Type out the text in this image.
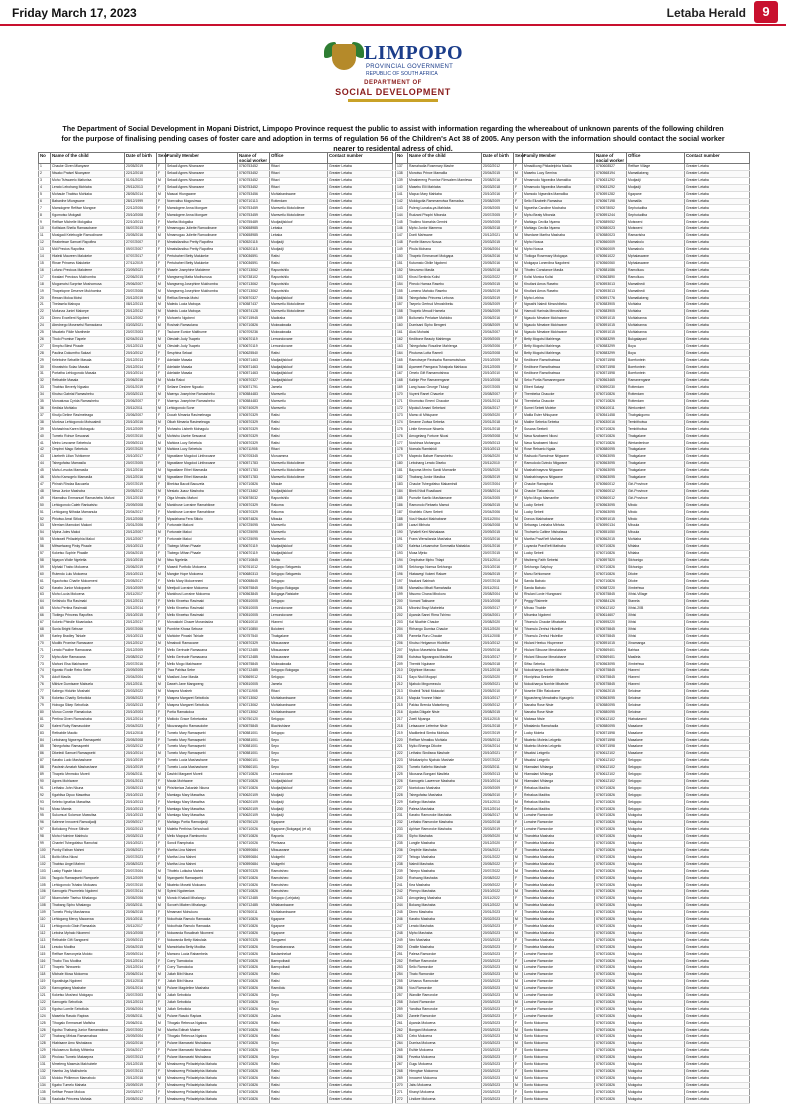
Friday March 17, 2023	Letaba Herald	9
LIMPOPO
PROVINCIAL GOVERNMENT
REPUBLIC OF SOUTH AFRICA
DEPARTMENT OF
SOCIAL DEVELOPMENT
The Department of Social Development in Mopani District, Limpopo Province request the public to assist with information regarding the whereabout of unknown parents of the following children for the purpose of finalising pending cases of foster care and adoption in terms of regulation 56 of the Children's Act 38 of 2005. Any person with the information should contact the social worker nearer to residental adress of chid.
No	Name of the child	Date of birth	Sexe	Family Member	Name of social worker	Office	Contact number
1	Chauke Given Mlanyane	20/05/2019	F	Sekadi Agnes Nhanzane	0760753452	Ritavi	Greater Letaba
2	Ntsako Praisel Nkanyane	22/12/2018	F	Sekadi Agnes Nhanzane	0760753452	Ritavi	Greater Letaba
3	Moho Tshwarelo Mafunisa	01/01/2020	M	Sekadi Agnes Nhanzane	0760753452	Ritavi	Greater Letaba
4	Lerato Lebohang Mohlaba	29/11/2013	F	Sekadi Agnes Nhanzane	0760753452	Ritavi	Greater Letaba
5	Mohaule Thabiso Mohlaka	28/05/2014	M	Masoai Hlungwane	0760753456	Mohlabankwane	Greater Letaba
6	Babanihe Mlungwane	28/12/1999	F	Nomvaliso Mogosinwa	0760710113	Rotterdam	Greater Letaba
7	Mamokgere Refilwe Mongwe	22/12/2006	F	Mamokgere Anna Mongwe	0760753459	Mamvetlu Motoloilewe	Greater Letaba
8	Kgomotso Mokgadi	20/10/2008	F	Mamokgere Anna Mongwe	0760753459	Mamvetlu Motoloilewe	Greater Letaba
9	Refilwe Michelle Mokgalka	22/10/2013	F	Martha Mokgalka	0760755489	Modjadjiskloof	Greater Letaba
10	Kotlisiwa Sheila Ramasobane	06/07/2015	F	Mmamogau Juliette Ramodinane	0760658985	Lebaka	Greater Letaba
11	Mosigadi Kelebogile Ramodinane	20/05/2016	M	Mmamogau Juliette Ramodinane	0760658985	Lebaka	Greater Letaba
12	Reabetswe Samuel Rapoflea	27/07/2007	F	Mmatsilandiso Pretty Rapoflea	0760520115	Modjadji	Greater Letaba
13	Mdi Precios Rapoflea	09/07/2007	F	Mmatsilandiso Pretty Rapoflea	0760520115	Modjadji	Greater Letaba
14	Hlaleki Maureen Malukeke	07/07/2017	F	Pertubaheri Betty Malukeke	0760036591	Ratisi	Greater Letaba
15	Rinae Princess Malukeke	27/11/2019	F	Pertubaheri Betty Malukeke	0760036591	Ratisi	Greater Letaba
16	Lufuno Precious Maloleme	23/09/2021	F	Masele Josephine Maloleme	0760713062	Rapuntshilo	Greater Letaba
17	Kwalani Precious Mukhomba	22/06/2015	F	Mangweng Matta Modhunusa	0760738102	Rapuntshilo	Greater Letaba
18	Mogomotsi Surprise Moshomusa	29/06/2007	M	Mangweng Josephine Mukhomba	0760713062	Rapuntshilo	Greater Letaba
19	Thapelopne Deserve Mukhomba	20/07/2008	M	Mangweng Josephine Mukhomba	0760713062	Rapuntshilo	Greater Letaba
20	Rewan Moloa Motsi	20/12/2019	M	Refiloa Brenda Motsi	0760570327	Modjadjiskloof	Greater Letaba
21	Thelasela Mabopa	08/12/2013	M	Maledu Lucia Mabopa	0760587437	Mamvetlu Motoloilewe	Greater Letaba
22	Mufunza Juniel Maloepe	20/12/2012	M	Maledu Lucia Mabopa	0760574128	Mamvetlu Motoloilewe	Greater Letaba
23	Dineo Excellent Ngobeni	20/12/2002	F	Mohoerlo Ngobeni	0760715945	Madiraba	Greater Letaba
24	Abednego Mosesetsi Ramaolana	03/03/2021	M	Rosinah Ramaolana	0760710826	Mokwakwaila	Greater Letaba
25	Ntsakelo Fikile Manthede	20/07/2003	F	Tsukane Eunice Malthume	0760709236	Mokwakwaila	Greater Letaba
26	Tholo Promise Tlapele	02/04/2013	M	Olesiath Judy Tsapelo	0760670119	Lemondoxane	Greater Letaba
27	Simphu Blest Phaale	20/12/2013	M	Olesiath Judy Tsapelo	0760670119	Lemondoxane	Greater Letaba
28	Paulina Dokumtho Sakazi	20/10/2012	F	Sesphina Sekazi	0760625540	Ratisi	Greater Letaba
29	Kelebohe Sebatlle Masala	20/12/2013	F	Adelaide Masala	0760571463	Madjadjiskloof	Greater Letaba
30	Khwatshio Solao Masala	20/12/2014	F	Adelaide Masala	0760571463	Madjadjiskloof	Greater Letaba
31	Portatha Lehlogonolo Masala	20/10/2014	F	Adelaide Masala	0760571463	Madjadjiskloof	Greater Letaba
32	Rethabile Masala	20/06/2016	M	Moila Rakoi	0760570327	Madjadjiskloof	Greater Letaba
33	Thabiso Beverly Ngoako	20/01/2019	F	Seilane Desiree Ngoako	0760571791	Jamela	Greater Letaba
34	Khutso Gabrial Ramashebu	20/03/2013	M	Maenyu Josephine Ramashebu	0760584483	Mamvetlu	Greater Letaba
35	Moroatuwa Cyrida Ramashebu	20/06/2007	F	Maenyu Josephine Ramashebu	0760584483	Mamvetlu	Greater Letaba
36	Kedisia Mohlako	20/11/2011	M	Lehlogonolo Sone	0760740029	Mamvetlu	Greater Letaba
37	Khutjo Deline Rasimeleaga	20/06/2007	F	Dooah Mmania Rasimeleaga	0760570329	Ratisi	Greater Letaba
38	Morlova Lehlogonolo Motsoaledi	20/10/2016	M	Olkah Mmania Rasimeleaga	0760570329	Ratisi	Greater Letaba
39	Mohashina Karen Mohagulu	20/12/2009	F	Mohashu Lisbeth Mohagulu	0760570329	Ratisi	Greater Letaba
40	Tumelo Rohue Sesoanai	20/07/2010	M	Mohishu Lisebe Sesoanai	0760570329	Ratisi	Greater Letaba
41	Metro Lesvame Sebetrula	20/09/2013	M	Mahlora Lucy Sebetula	0760570329	Ratisi	Greater Letaba
42	Omphni Mago Sebetula	23/07/2020	M	Mahlora Lucy Sebetula	0760711905	Ritavi	Greater Letaba
43	Lisebeth Lilian Tshitomne	20/10/2017	F	Ngwatlane Mogolod Linthwoane	0760705345	Moruamma	Greater Letaba
44	Tshegofatso Mamasila	20/07/2005	F	Ngwatlane Mogolod Linthwoane	0760571783	Mamvetlu Motoloilewe	Greater Letaba
45	Mahu Lesoba Mamasila	20/12/2016	M	Ngwatlane Ethel Mamasila	0760571783	Mamvetlu Motoloilewe	Greater Letaba
46	Moho Kamogelo Mamasila	20/12/2016	M	Ngwatlane Ethel Mamasila	0760571783	Mamvetlu Motoloilewe	Greater Letaba
47	Phinah Rindza Bacuzela	20/07/2019	F	Bhekisa Bacuti Bacuzela	0760710826	Mbaule	Greater Letaba
48	Nesa Junior Mashoba	20/05/2012	M	Mesiatu Juaoz Mashoba	0760713462	Modjadjiskloof	Greater Letaba
49	Hlamaliso Emmanuel Ramashebu Mafuni	20/12/2015	F	Olga Mmabu Mafuni	0760578032	Rapuntshilo	Greater Letaba
50	Lehlogonolo Caleb Rankatsho	20/09/2008	M	Mankhuse Lorraine Ramahikwe	0760570329	Rakoma	Greater Letaba
51	Lehlogang Ntlhaka Mamanula	20/04/2017	F	Mankhuse Lorraine Ramahikwe	0760570329	Rakoma	Greater Letaba
52	Phiolwo Amzi Sitlolo	20/12/2008	F	Mpadzhana Fera Sitlolo	0760574826	Mbaula	Greater Letaba
53	Merriam Mamoloni Makoni	20/01/2006	F	Fortunate Makoni	0760725095	Mamvetlu	Greater Letaba
54	Mpina Jules Makoi	20/12/2007	M	Fortunate Makoi	0760725095	Mamvetlu	Greater Letaba
55	Motsweli Philadelphia Makoi	20/12/2007	F	Fortunate Makoi	0760725095	Mamvetlu	Greater Letaba
56	Mthwelwang Pinky Phaale	20/10/2013	F	Tlabego Mihan Phaale	0760670119	Madjadjiskloof	Greater Letaba
57	Koketso Sophie Phaalle	20/04/2015	F	Tlabego Mihan Phaale	0760670119	Madjadjiskloof	Greater Letaba
58	Ngayon Wolie Ngeletla	20/10/2015	M	Ntsu Ngeletla	0760710845	Mohlo	Greater Letaba
59	Mphaki Thabo Mokoena	20/06/2019	F	Masedi Portfolio Mokoena	0760761012	Sekgopo Sekgwedu	Greater Letaba
60	Rutendo Lulu Mokoena	20/10/2013	M	Mangke Hope Mokoena	0760680313	Sekgopo Sekgwedu	Greater Letaba
61	Kgaohotso Charlie Mokoeneni	20/05/2017	F	Mello Mary Mokoenneni	0760058645	Sekgopo	Greater Letaba
62	Karabo Junior Mokopanle	20/10/2009	M	Meeljudi Lorraine Mokoena	0760575845	Sekgopo Bokgaga	Greater Letaba
63	Moho Lucia Mokoena	20/11/2017	F	Mankhusi Lorraine Mokoena	0760563845	Bokgaga Ratsiabe	Greater Letaba
64	Keitsholo Ria Rasimaki	20/12/2013	F	Mello Khwetso Rasimaki	0760510005	Sekgopo	Greater Letaba
65	Moho Pertina Rasimaki	20/12/2014	F	Mello Khwetso Rasimaki	0760510005	Lemondoxane	Greater Letaba
66	Tlotlego Princess Rapoflea	20/10/2015	F	Mello Khwetso Rasimaki	0760510005	Lemondoxane	Greater Letaba
67	Koketo Phindle Moaniadza	20/12/2017	F	Moroakobi Chawe Moraniadza	0760610010	Hlaneni	Greater Letaba
68	Sunia Bright Sebuse	20/07/2006	M	Pumbhe Khosa Sebuse	0760710850	Bolobeni	Greater Letaba
69	Karlep Bradley Tshiale	20/10/2013	M	Mahlobe Pinashi Tshiale	0760757540	Thakgalane	Greater Letaba
70	Modifo Promise Ramaoane	20/12/2012	M	Mmabodi Ramaoane	0760570329	Mbauzwane	Greater Letaba
71	Lerato Pauline Ramaoana	20/12/2009	F	Mello Gertrude Ramaoana	0760712485	Mbauzwane	Greater Letaba
72	Mpho Abie Ramaoana	20/08/2012	F	Mello Gertrude Ramaoana	0760712485	Mbauzwane	Greater Letaba
73	Mahoni Elsa Makhwane	20/07/2016	F	Mello Mogo Makhwane	0760575845	Mokwakwaila	Greater Letaba
74	Kgwato Rodie Rebo Sebe	20/09/2005	F	Tiwa Pahlisa Sebe	0760712485	Sekgopo Bokgaga	Greater Letaba
75	Adolf Masila	20/04/2004	M	Masilani Jose Masila	0760569012	Sekgopo	Greater Letaba
76	Mkhize Dumisane Mabuela	20/12/2011	M	Daweh Jane Mangweng	0760510005	Jamela	Greater Letaba
77	Kabego Hiduhin Moshabi	20/03/2022	M	Maspea Mosheb	0760711905	Ritavi	Greater Letaba
78	Koketso Charity Sebotlola	20/05/2023	F	Maspea Margaret Sebotlola	0760713062	Mohlabankwane	Greater Letaba
79	Hoboga Sikep Sebotlola	20/03/2013	F	Maspea Margaret Sebotlola	0760713062	Mohlabankwane	Greater Letaba
80	Moruo Connie Ramakoloa	20/10/2003	F	Portia Ramakoloa	0760713062	Mohlabankwane	Greater Letaba
81	Pertina Given Ramoshaba	20/12/2014	F	Matlodo Grace Sebetwaba	0760750120	Sekgopo	Greater Letaba
82	Kaleni Ruby Ramasolobe	20/04/2023	F	Nkozanagobo Ramasolobe	0760575845	Blachishlane	Greater Letaba
83	Rethabile Mautio	20/11/2018	F	Tumelo Mary Ramaqwebi	0760581001	Sekgopo	Greater Letaba
84	Lebohang Ngwenya Ramaqwebi	20/05/2008	F	Tumelo Mary Ramaqwebi	0760581001	Sepo	Greater Letaba
85	Tshegofatso Ramaqwebi	20/03/2012	F	Tumelo Mary Ramaqwebi	0760581001	Sepo	Greater Letaba
86	Dikeledi Samuel Ramaqwebi	20/10/2014	M	Tumelo Mary Ramaqwebi	0760581001	Sepo	Greater Letaba
87	Karabo Ludo Mashashane	20/10/2019	F	Tumelo Lucia Mashashane	0760560101	Sepo	Greater Letaba
88	Pauleah Amatah Mashashane	20/10/2019	F	Tumelo Lucia Mashashane	0760560101	Sepo	Greater Letaba
89	Thapelo Mmmoko Moreti	20/06/2011	M	Dashbi Margaret Moreti	0760710826	Lemondoxane	Greater Letaba
90	Agnes Mohlwane	20/01/2013	F	Mauta Mohlwane	0760710826	Modjadjiskloof	Greater Letaba
91	Lethabo John Nkuna	20/05/2013	M	Phishkeiwa Zakariah Nkuna	0760710826	Modjadjiskloof	Greater Letaba
92	Kgahlisa Dipuo Maswitsa	20/10/2013	F	Mamlagu Mary Maswitsa	0760620109	Modjadji	Greater Letaba
93	Kelebo Ignatius Maswitsa	20/10/2013	F	Mamlagu Mary Maswitsa	0760620109	Modjadji	Greater Letaba
94	Moso Mamla	20/10/2013	F	Mamlagu Mary Maswitsa	0760620109	Modjadji	Greater Letaba
95	Sukumuzi Solomon Maswitsa	20/10/2013	M	Mamlagu Mary Maswitsa	0760620109	Modjadji	Greater Letaba
96	Kalenne Innocent Ramodjadji	20/09/2017	F	Mahlagu Portia Ramodjadji	0760750120	Kgapane	Greater Letaba
97	Botiokong Prince Sithole	20/02/2013	M	Maleita Perthina Sehoshadi	0760710026	Kgapane (Bokgaga) (et al)	Greater Letaba
98	Moho Hulmine Mabhulu	20/03/2013	F	Mello Mapopa Rambumbu	0760710826	Rapoela	Greater Letaba
99	Chantel Tshegofatso Ramohai	20/10/2021	F	Soncil Ramphaka	0760710026	Phelsana	Greater Letaba
100	Punky Esthan Mahmi	20/05/2021	F	Martha Lina Mahmi	0760590684	Mbauzwane	Greater Letaba
101	Boitlo Miss Nkosi	20/07/2023	F	Martha Lina Mahmi	0760590684	Mokgethi	Greater Letaba
102	Thabiso Angel Mahmi	20/08/2023	F	Martha Lina Mahmi	0760590684	Mokgethi	Greater Letaba
103	Lasky Fiqade Nkosi	20/07/2004	M	Tlhofelo Lutkuba Mahmi	0760570325	Ramotsheo	Greater Letaba
104	Tsogolo Ramaqwebi Rampoele	20/12/2009	M	Nyangwebi Ramaqwebi	0760710826	Ramotsheo	Greater Letaba
105	Lehlogonolo Tshabo Mokoanu	20/07/2010	M	Nkateko Moseki Mokoanu	0760710826	Ramotsheo	Greater Letaba
106	Kamogelo Phumelelo Ngobeni	20/07/2014	M	Sytest Ngobeniwa	0760710826	Ramotsheo	Greater Letaba
107	Nkamuhele Tisetso Mhalangu	20/05/2006	M	Mondo Khaladi Mhalangu	0760712485	Sekgopo (Lehjaba)	Greater Letaba
108	Thabang Sipho Mhalangu	20/03/2011	M	Sovoeh Mlaben Mhalangu	0760712485	Mhlabankwane	Greater Letaba
109	Tumelo Pinky Mashanwa	20/06/2015	F	Mmamani Mohukuru	0760760011	Mohlabankwane	Greater Letaba
110	Lehlogang Mercy Maoonwa	20/10/2011	F	Nokuthula Ramolo Ramaaka	0760710826	Kgapane	Greater Letaba
111	Lehlogonolo Glain Ramaakia	20/11/2017	F	Nokuthula Ramolo Ramaaka	0760710826	Kgapane	Greater Letaba
112	Leboha Mphalo Nkomeni	20/10/2008	F	Nokwanda Rosalinah Nkomeni	0760710826	Kgapane	Greater Letaba
113	Rethabile Gift Sangweni	20/09/2013	F	Nokwanda Betty Mabulala	0760570325	Sangweni	Greater Letaba
114	Lesoko Modiba	20/04/2015	M	Mamohlaba Betty Modiba	0760710826	Senwabarwana	Greater Letaba
115	Refilwe Ramonyela Moloto	20/09/2014	F	Mamono Lucia Rabambela	0760710826	Bastamhekwi	Greater Letaba
116	Thabo Tlou Modiba	20/12/2014	F	Corry Tlamokoka	0760710826	Baenpolbadi	Greater Letaba
117	Thapelo Tshwarelo	20/12/2014	F	Corry Tlamokoka	0760710826	Baenpolbadi	Greater Letaba
118	Michale Mosa Mokoena	20/06/2014	M	Juliah Bibi Nkuna	0760710826	Ratisi	Greater Letaba
119	Kgwatlsiga Ngobeni	20/11/2018	F	Juliah Bibi Nkuna	0760710826	Ratisi	Greater Letaba
120	Kamogelang Mashabe	20/01/2014	M	Pulane Magdeline Mashaba	0760710826	Ramdiolu	Greater Letaba
121	Koketso Mosheoi Mokgapu	20/07/2003	M	Juliah Sebotlola	0760710826	Sepo	Greater Letaba
122	Kamogelo Sebotlola	20/12/2013	F	Juliah Sebotlola	0760710826	Sepo	Greater Letaba
123	Kgotso Lomile Sebotlola	20/06/2004	M	Juliah Sebotlola	0760710826	Sepo	Greater Letaba
124	Masehla Rasolo Rapiwa	20/05/2011	M	Pulane Rasolo Rapiwa	0760710826	Zadna	Greater Letaba
125	Tlhogalo Emmanuel Mafisha	20/06/2011	M	Tlhogalo Rebecca Ngaiwa	0760710826	Ratisi	Greater Letaba
126	Kgotso Thabang Junior Ramamakwa	20/07/2002	M	Martha Edinah Maime	0760710826	Ratisi	Greater Letaba
127	Thabang Mirkas Ramamakwa	20/09/2004	F	Tlhogalo Rebecca Ngaiwa	0760710826	Ratisi	Greater Letaba
128	Hlabisane Amo Ntshalawa	20/02/2016	F	Pulane Mamaseki Ntshalawa	0760710826	Sepo	Greater Letaba
129	Hlulosenzo Buttoly Mthimba	20/04/2017	F	Pulane Mamaseki Ntshalawa	0760710826	Sepo	Greater Letaba
130	Pholoso Tumelo Makaepea	20/07/2013	F	Pulane Mamaseki Ntshalawa	0760710826	Sepo	Greater Letaba
131	Mmeleng Masesia Makhubele	20/12/2015	M	Mmabureng Philadelphia Mahata	0760710826	Ratisi	Greater Letaba
132	Hamba Joy Makhubela	20/07/2013	F	Mmabureng Philadelphia Mahata	0760710826	Ratisi	Greater Letaba
133	Moloko Phillemon Mamabolo	20/12/2016	M	Mmabureng Philadelphia Mahata	0760710826	Ratisi	Greater Letaba
134	Kgabo Tumelo Mahata	20/09/2019	F	Mmabureng Philadelphia Mahata	0760710826	Ratisi	Greater Letaba
135	Kefilwe Peace Mokoa	20/03/2017	F	Mmabureng Philadelphia Mahata	0760710826	Ratisi	Greater Letaba
136	Kaalodia Princess Mahata	20/05/2012	F	Mmabureng Philadelphia Mahata	0760710826	Ratisi	Greater Letaba
No	Name of the child	Date of birth	Sexe	Family Member	Name of social worker	Office	Contact number
137	Ramahadla Rosemary Mashe	20/02/2012	F	Mmadikong Philadelphia Masila	0760608527	Refilwe Village	Greater Letaba
138	Monotsu Prince Mamalila	20/04/2015	M	Masebu Lucy Semina	0760568194	Mamatlakeng	Greater Letaba
139	Mmabereng Promise Rimvalem Mamlewa	20/08/2016	F	Mmamodo Ngwedira Mamalika	0760631292	Modjadji	Greater Letaba
140	Masebu Elli Mahlaba	20/03/2018	F	Mmamodo Ngwedira Mamalika	0760631292	Modjadji	Greater Letaba
141	Mapuo Mary Mahlaba	20/10/2016	F	Mamodo Ngwedira Mamalika	0760591282	Kgapane	Greater Letaba
142	Molokgotla Rammamolwa Ramadsa	20/08/2009	F	Sello Elizabeth Ramadsa	0760567198	Mamailla	Greater Letaba
143	Puleng Lunaka-ya-Mahlaba	20/05/2005	M	Ngwetha Caroline Mochaba	0760578052	Sephutudiba	Greater Letaba
144	Rudzani Phophi Mbonda	20/07/2005	F	Mphu Beaty Mbonda	0760591244	Sephutudiba	Greater Letaba
145	Thalimo Nomahla Gemini	20/09/2005	F	Mahlagu Cecilia Nyama	0760589052	Motsweni	Greater Letaba
146	Mpho Junior Mamena	20/05/2018	F	Mahlagu Cecilia Nyama	0760580023	Motsweni	Greater Letaba
147	Donti Mahwane	20/12/2021	M	Ntsedane Martha Mashaba	0760580023	Ramavisha	Greater Letaba
148	Pontle Mamzo Nosoa	20/03/2015	F	Mpho Nosoa	0760560009	Mamabolo	Greater Letaba
149	Phula Mohana	20/06/2004	M	Mpho Nosoa	0760560009	Mamabolo	Greater Letaba
150	Thapelo Emmanuel Mokgapa	20/04/2016	M	Tlotloga Rosemary Mokgapa	0760561022	Mphalaswane	Greater Letaba
151	Kutumato Obiile Ngobeni	20/05/2016	M	Mokgapa Lonerdina Nagobeni	0760560060	Mphalaswane	Greater Letaba
152	Neozamo Masila	20/05/2018	M	Tlhofeo Constance Masila	0760581086	Ramolluou	Greater Letaba
153	Khosi Sentinia Kolisi	20/02/2022	F	Kolisi Monica Kolisi	0760563890	Ramolluou	Greater Letaba
154	Pheolo Hamza Rasebo	20/09/2015	M	Khutlani Amos Rasebo	0760593013	Mamathedi	Greater Letaba
155	Lumeno Mahoko Rasebo	20/05/2019	M	Khutlani Amos Rasebo	0760593013	Mamathedi	Greater Letaba
156	Tshegofatso Princess Lebona	20/03/2019	F	Mpho Lebina	0760591776	Mamatlakeng	Greater Letaba
157	Tsepelo Gertrud Mmoshibeku	20/05/2009	F	Ngwathi Naledi Mmoshibeku	0760583905	Mohlaba	Greater Letaba
158	Thapelo Mmudi Hamela	20/06/2009	M	Hamodi Harinda Mmoshibeku	0760583905	Mohlaba	Greater Letaba
159	Boitumelo Perlatwe Mahlobo	20/06/2016	F	Ngaudo Mmatwe Mokhwane	0760591015	Mohlabanna	Greater Letaba
160	Dumisani Sipho Bengeni	20/08/2009	M	Ngaudo Mmatwe Mokhwane	0760591015	Mohlabanna	Greater Letaba
161	Alusi Mohatsi	20/04/2007	M	Ngaudo Mmatwe Mokhwane	0760591015	Mohlabanna	Greater Letaba
162	Kedibone Beauty Mahlenga	20/09/2005	F	Betty Mogotsi Mahlenga	0760583299	Bukgalapani	Greater Letaba
163	Tshegofatso Rosaline Mahlenga	20/09/2006	F	Betty Mogotsi Mahlenga	0760583299	Boya	Greater Letaba
164	Phutuma Lotta Rameli	20/02/2008	M	Betty Mogotsi Mahlenga	0760583299	Boya	Greater Letaba
165	Ramotsepe Reotsaha Ramamotshwa	20/10/2009	M	Kedibone Ramothatswa	0760571598	Boerfontein	Greater Letaba
166	Ayameet Pamgaxa Tshaipala Mahlaua	20/12/2005	F	Kedibone Ramothatswa	0760571598	Boerfontein	Greater Letaba
167	Omelo Gift Ramamotshwa	20/10/2010	M	Kedibone Ramothatswa	0760571598	Boerfontein	Greater Letaba
168	Kalinje Phe Ramanengane	20/10/2008	M	Seko Portia Ramanengane	0760563465	Ramanengane	Greater Letaba
169	Lang Isaac George Tlulagi	20/07/2005	M	Elbert Sakayi	0760590230	Rotterdam	Greater Letaba
170	Vuyeni Ranet Chaueke	20/08/2007	F	Thembeka Chaucke	0760710826	Rotterdam	Greater Letaba
171	Khomotso Emeni Chaucke	20/01/2013	M	Thembeka Chaucke	0760710826	Rotterdam	Greater Letaba
172	Mpokuli Amani Sebetani	20/04/2017	F	Sumei Sebeti Moleke	0760610011	Werkomlert	Greater Letaba
173	Mamo di Mhlupane	20/09/2020	F	Matila Ester Mhlupane	0760541458	Thabgakgomo	Greater Letaba
174	Serame Zodwa Sebeka	20/01/2018	M	Makhe Sebeka Sebeka	0760630016	Tembitholwa	Greater Letaba
175	Lintle Keneuoe Nkwela	20/01/2018	F	Susana Seekeli	0760710826	Tembitholwa	Greater Letaba
176	Amogelang Fortune Nkosi	20/09/2008	M	Nava Nzabaemi Nkosi	0760710826	Thakgalane	Greater Letaba
177	Noshirwa Mohangoa	20/09/2013	M	Nava Nzabaemi Nkosi	0760710826	Wertanlenhoe	Greater Letaba
178	Nomala Ramtshidi	20/10/2013	M	Rose Rebaelo Ngala	0760580095	Thakgalane	Greater Letaba
179	Mapeolo Babwe Ramoshebu	20/06/2020	M	Radsudo Ramohwe Ntigwane	0760563095	Thakgalane	Greater Letaba
180	Lebohang Lerato Diseko	20/11/2010	F	Ramudodo Dzindo Ntigwane	0760563095	Thakgalane	Greater Letaba
181	Bayoma Mmiro Sanki Mamarile	20/05/2020	M	Mashabinayeza Ntigwane	0760563095	Thakgalane	Greater Letaba
182	Thabang Junior Masiloa	20/05/2019	M	Mashabinayeza Ntigwane	0760563095	Thakgalane	Greater Letaba
183	Chauke Tshegofatso Makamindi	20/07/2004	F	Chauke Ramapinta	0760560012	Giri-Province	Greater Letaba
184	Bheki Ntuli Roadlaani	20/08/2014	M	Chauke Tlakwabola	0760560012	Giri-Province	Greater Letaba
185	Pumzile Kaelio Mashiamane	20/04/2005	F	Mpho Mogu Mamanthe	0760560012	Giri-Province	Greater Letaba
186	Ramonolo Rebaelo Mamoi	20/06/2015	M	Lucky Sebeti	0760563095	Mbolo	Greater Letaba
187	Khahlelo Given Sebeti	20/04/2006	M	Lucky Sebeti	0760563095	Mbolo	Greater Letaba
188	Vusi Hlaudzi Makhabane	20/11/2004	M	Dorcus Makhabane	0760591015	Mbolo	Greater Letaba
189	Lwazi Mbhota	20/06/2008	M	Sebwagu Leshaba Mbhota	0760590134	Mbuula	Greater Letaba
190	Tyhalefi Keri Ntshalawa	20/09/2015	M	Thohwelo Caltine Ntshalawa	0760551050	Mbuula	Greater Letaba
191	Frans Wensilanda Mashaba	20/03/2016	M	Martha Pravil'ieft Mathaba	0760562015	Mohlaba	Greater Letaba
192	Kaleisa Letuamotse Sommatla Mabakka	20/01/2016	F	Luyanda Pravil'ieft Mathaba	0760710826	Mhlaba	Greater Letaba
193	Musa Mjeko	20/07/2015	M	Lucky Sebeti	0760710826	Mhlaba	Greater Letaba
194	Omphatse Mpho Thlapi	20/11/2014	F	Ntsibeng Faith Sebetsi	0760597820	Sikhonigo	Greater Letaba
195	Sekhongo Nomsa Sekhongo	20/10/2016	F	Sekhongo Salphoy	0760710826	Sikhonigo	Greater Letaba
196	Hlatawegi Vukeni Rakwe	20/06/2015	F	Manu Sehlomane	0760710826	Dilobe	Greater Letaba
197	Nsakani Sabinah	20/07/2015	M	Sanda Babuto	0760710826	Dilobe	Greater Letaba
198	Mamaliso Mbati Ramahadla	20/11/2011	F	Sanda Babuto	0760587220	Ximbehwa	Greater Letaba
199	Ntsumo Chana Mbokoro	20/08/2004	M	Rhulani Lovie Hlungwani	0760575845	Xihisi-Village	Greater Letaba
200	Vumani Takisane	20/10/2008	F	Peggy Risimele	0760584126	Stanela	Greater Letaba
201	Mbonisi Brayi Mabelela	20/09/2017	F	Mbuso Thabile	0760612102	Xihisi-20B	Greater Letaba
202	Ayanda Sanni Rima Tshimo	20/04/2001	F	Mbumba Ngobeni	0760614607	Xihisi	Greater Letaba
203	Kal Nkathie Chauke	20/08/2020	F	Tihomulo Chauke Mbatalela	0760595220	Xihisi	Greater Letaba
204	Rirhango Dumisa Chauke	20/12/2020	M	Tihomulo Zenhui Hlulelike	0760575845	Xihisi	Greater Letaba
205	Pamelia Ruru Chauke	20/11/2008	F	Tihomulo Zenhui Hlulelike	0760575845	Xihisi	Greater Letaba
206	Khutso Helgamon Hlulelike	20/10/2012	M	Hlulani Heeluu Hlupeneze	0760591015	Xinamanga	Greater Letaba
207	Nyikoo Masetshia Bahiwa	20/09/2016	F	Hlulani Sibuuse Mmalubane	0760569401	Bahiwa	Greater Letaba
208	Kutsiwa Ngwangwa Masilela	20/10/2017	F	Hlulani Sibuuse Mmalubane	0760569401	Masilela	Greater Letaba
209	Thembi Ngubane	20/06/2018	F	Sifiso Sebeka	0760563095	Ximbehwa	Greater Letaba
210	Dijiphiwe Mavuso	20/12/2015	M	Nokukhanya Nonhle Mbatshe	0760575845	Hlaneni	Greater Letaba
211	Sayo Ntuli Mogapi	20/03/2020	F	Hloniphisa Seekele	0760575845	Hlaneni	Greater Letaba
212	Njabulo Mngomezulu	20/09/2021	M	Nokukhanya Nonhle Mbatshe	0760575845	Hlaneni	Greater Letaba
213	Khaledi Tshidi Molaudzi	20/05/2010	F	Nosebe Ellin Rakokome	0760562015	Selokwe	Greater Letaba
214	Mapula Yvonne Ntsie	20/10/2017	F	Ngoasheng Mmabatho Kgaogelo	0760563095	Selokwe	Greater Letaba
215	Pakiso Brenda Matsebeng	20/09/2012	F	Nanaba Rose Ntsie	0760580095	Selokwe	Greater Letaba
216	Ayaba Dikgale Ntsie	20/08/2015	F	Nanaba Rose Ntsie	0760580095	Selokwe	Greater Letaba
217	Zweli Mpanga	20/11/2015	M	Mabasa Ntsie	0760612102	Hlabakaseni	Greater Letaba
218	Letsaoane Lefentse Ntsie	20/01/2018	F	Mbataledu Ramahadla	0760580095	Masalane	Greater Letaba
219	Madikeledi Simba Mohlala	20/07/2019	F	Lucky Moleta	0760571598	Masalane	Greater Letaba
220	Refilwe Mmatlou Mohlala	20/05/2013	F	Nkateko Moleta Lekgetlo	0760571598	Masalane	Greater Letaba
221	Nyiko Bhenga Dikobe	20/04/2014	M	Nkateko Moleta Lekgetlo	0760571598	Masalane	Greater Letaba
222	Lethabo Sindiswa Mashale	20/10/2021	F	Ntsakisi Lekgetlo	0760612102	Masalane	Greater Letaba
223	Nhlakanipho Njabulo Mashale	20/07/2022	F	Ntsakisi Lekgetlo	0760612102	Sekgopo	Greater Letaba
224	Tumelo Katleho Mashale	20/03/2011	M	Hlamalani Mhlanga	0760612102	Sekgopo	Greater Letaba
225	Nkosana Bongani Masilela	20/09/2013	M	Hlamalani Mhlanga	0760612102	Sekgopo	Greater Letaba
226	Kamogelo Lawrence Mashaba	20/10/2014	M	Hlamalani Mhlanga	0760612102	Sekgopo	Greater Letaba
227	Nontokozo Mashaba	20/09/2009	F	Rebakoa Madiba	0760710826	Sekgopo	Greater Letaba
228	Tshegofatso Mashaba	20/06/2010	F	Rebakoa Madiba	0760710826	Sekgopo	Greater Letaba
229	Katlego Mashaba	20/11/2013	M	Rebakoa Madiba	0760710826	Sekgopo	Greater Letaba
230	Palesa Mashaba	20/12/2014	F	Rebakoa Madiba	0760710826	Sekgopo	Greater Letaba
231	Karabo Ramoroke Mashaba	20/06/2017	M	Lorraine Ramoroke	0760710826	Mokgoba	Greater Letaba
232	Lethabo Ramoroke Mashaba	20/02/2018	F	Lorraine Ramoroke	0760710826	Mokgoba	Greater Letaba
233	Aphiwe Ramoroke Mashaba	20/03/2019	F	Lorraine Ramoroke	0760710826	Mokgoba	Greater Letaba
234	Sipho Mashaba	20/09/2020	M	Thandeka Mashaba	0760710826	Mokgoba	Greater Letaba
235	Lungile Mashaba	20/12/2020	F	Thandeka Mashaba	0760710826	Mokgoba	Greater Letaba
236	Omphile Mashaba	20/04/2021	F	Thandeka Mashaba	0760710826	Mokgoba	Greater Letaba
237	Tebogo Mashaba	20/01/2022	M	Thandeka Mashaba	0760710826	Mokgoba	Greater Letaba
238	Naledi Mashaba	20/05/2022	F	Thandeka Mashaba	0760710826	Mokgoba	Greater Letaba
239	Tshepo Mashaba	20/07/2022	M	Thandeka Mashaba	0760710826	Mokgoba	Greater Letaba
240	Rorisang Mashaba	20/08/2022	F	Thandeka Mashaba	0760710826	Mokgoba	Greater Letaba
241	Kea Mashaba	20/09/2022	F	Thandeka Mashaba	0760710826	Mokgoba	Greater Letaba
242	Phenyo Mashaba	20/10/2022	M	Thandeka Mashaba	0760710826	Mokgoba	Greater Letaba
243	Amogelang Mashaba	20/11/2022	F	Thandeka Mashaba	0760710826	Mokgoba	Greater Letaba
244	Bokang Mashaba	20/12/2022	M	Thandeka Mashaba	0760710826	Mokgoba	Greater Letaba
245	Dineo Mashaba	20/01/2023	F	Thandeka Mashaba	0760710826	Mokgoba	Greater Letaba
246	Karabo Mashaba	20/02/2023	M	Thandeka Mashaba	0760710826	Mokgoba	Greater Letaba
247	Lerato Mashaba	20/03/2023	F	Thandeka Mashaba	0760710826	Mokgoba	Greater Letaba
248	Mpho Mashaba	20/03/2023	M	Thandeka Mashaba	0760710826	Mokgoba	Greater Letaba
249	Neo Mashaba	20/03/2023	F	Thandeka Mashaba	0760710826	Mokgoba	Greater Letaba
250	Oratile Mashaba	20/03/2023	F	Thandeka Mashaba	0760710826	Mokgoba	Greater Letaba
251	Palesa Ramoroke	20/03/2023	F	Lorraine Ramoroke	0760710826	Mokgoba	Greater Letaba
252	Refilwe Ramoroke	20/03/2023	F	Lorraine Ramoroke	0760710826	Mokgoba	Greater Letaba
253	Sello Ramoroke	20/03/2023	M	Lorraine Ramoroke	0760710826	Mokgoba	Greater Letaba
254	Thato Ramoroke	20/03/2023	M	Lorraine Ramoroke	0760710826	Mokgoba	Greater Letaba
255	Urbanus Ramoroke	20/03/2023	M	Lorraine Ramoroke	0760710826	Mokgoba	Greater Letaba
256	Vusi Ramoroke	20/03/2023	M	Lorraine Ramoroke	0760710826	Mokgoba	Greater Letaba
257	Wandile Ramoroke	20/03/2023	M	Lorraine Ramoroke	0760710826	Mokgoba	Greater Letaba
258	Xolani Ramoroke	20/03/2023	M	Lorraine Ramoroke	0760710826	Mokgoba	Greater Letaba
259	Yandisa Ramoroke	20/03/2023	F	Lorraine Ramoroke	0760710826	Mokgoba	Greater Letaba
260	Zanele Ramoroke	20/03/2023	F	Lorraine Ramoroke	0760710826	Mokgoba	Greater Letaba
261	Ayanda Mokoena	20/03/2023	F	Sonto Mokoena	0760710826	Mokgoba	Greater Letaba
262	Bongani Mokoena	20/03/2023	M	Sonto Mokoena	0760710826	Mokgoba	Greater Letaba
263	Cebo Mokoena	20/03/2023	M	Sonto Mokoena	0760710826	Mokgoba	Greater Letaba
264	Dumisa Mokoena	20/03/2023	M	Sonto Mokoena	0760710826	Mokgoba	Greater Letaba
265	Esihle Mokoena	20/03/2023	F	Sonto Mokoena	0760710826	Mokgoba	Greater Letaba
266	Fezeka Mokoena	20/03/2023	F	Sonto Mokoena	0760710826	Mokgoba	Greater Letaba
267	Gugu Mokoena	20/03/2023	F	Sonto Mokoena	0760710826	Mokgoba	Greater Letaba
268	Hlengiwe Mokoena	20/03/2023	F	Sonto Mokoena	0760710826	Mokgoba	Greater Letaba
269	Innocent Mokoena	20/03/2023	M	Sonto Mokoena	0760710826	Mokgoba	Greater Letaba
270	Jabu Mokoena	20/03/2023	M	Sonto Mokoena	0760710826	Mokgoba	Greater Letaba
271	Khanyi Mokoena	20/03/2023	F	Sonto Mokoena	0760710826	Mokgoba	Greater Letaba
272	Lindiwe Mokoena	20/03/2023	F	Sonto Mokoena	0760710826	Mokgoba	Greater Letaba
